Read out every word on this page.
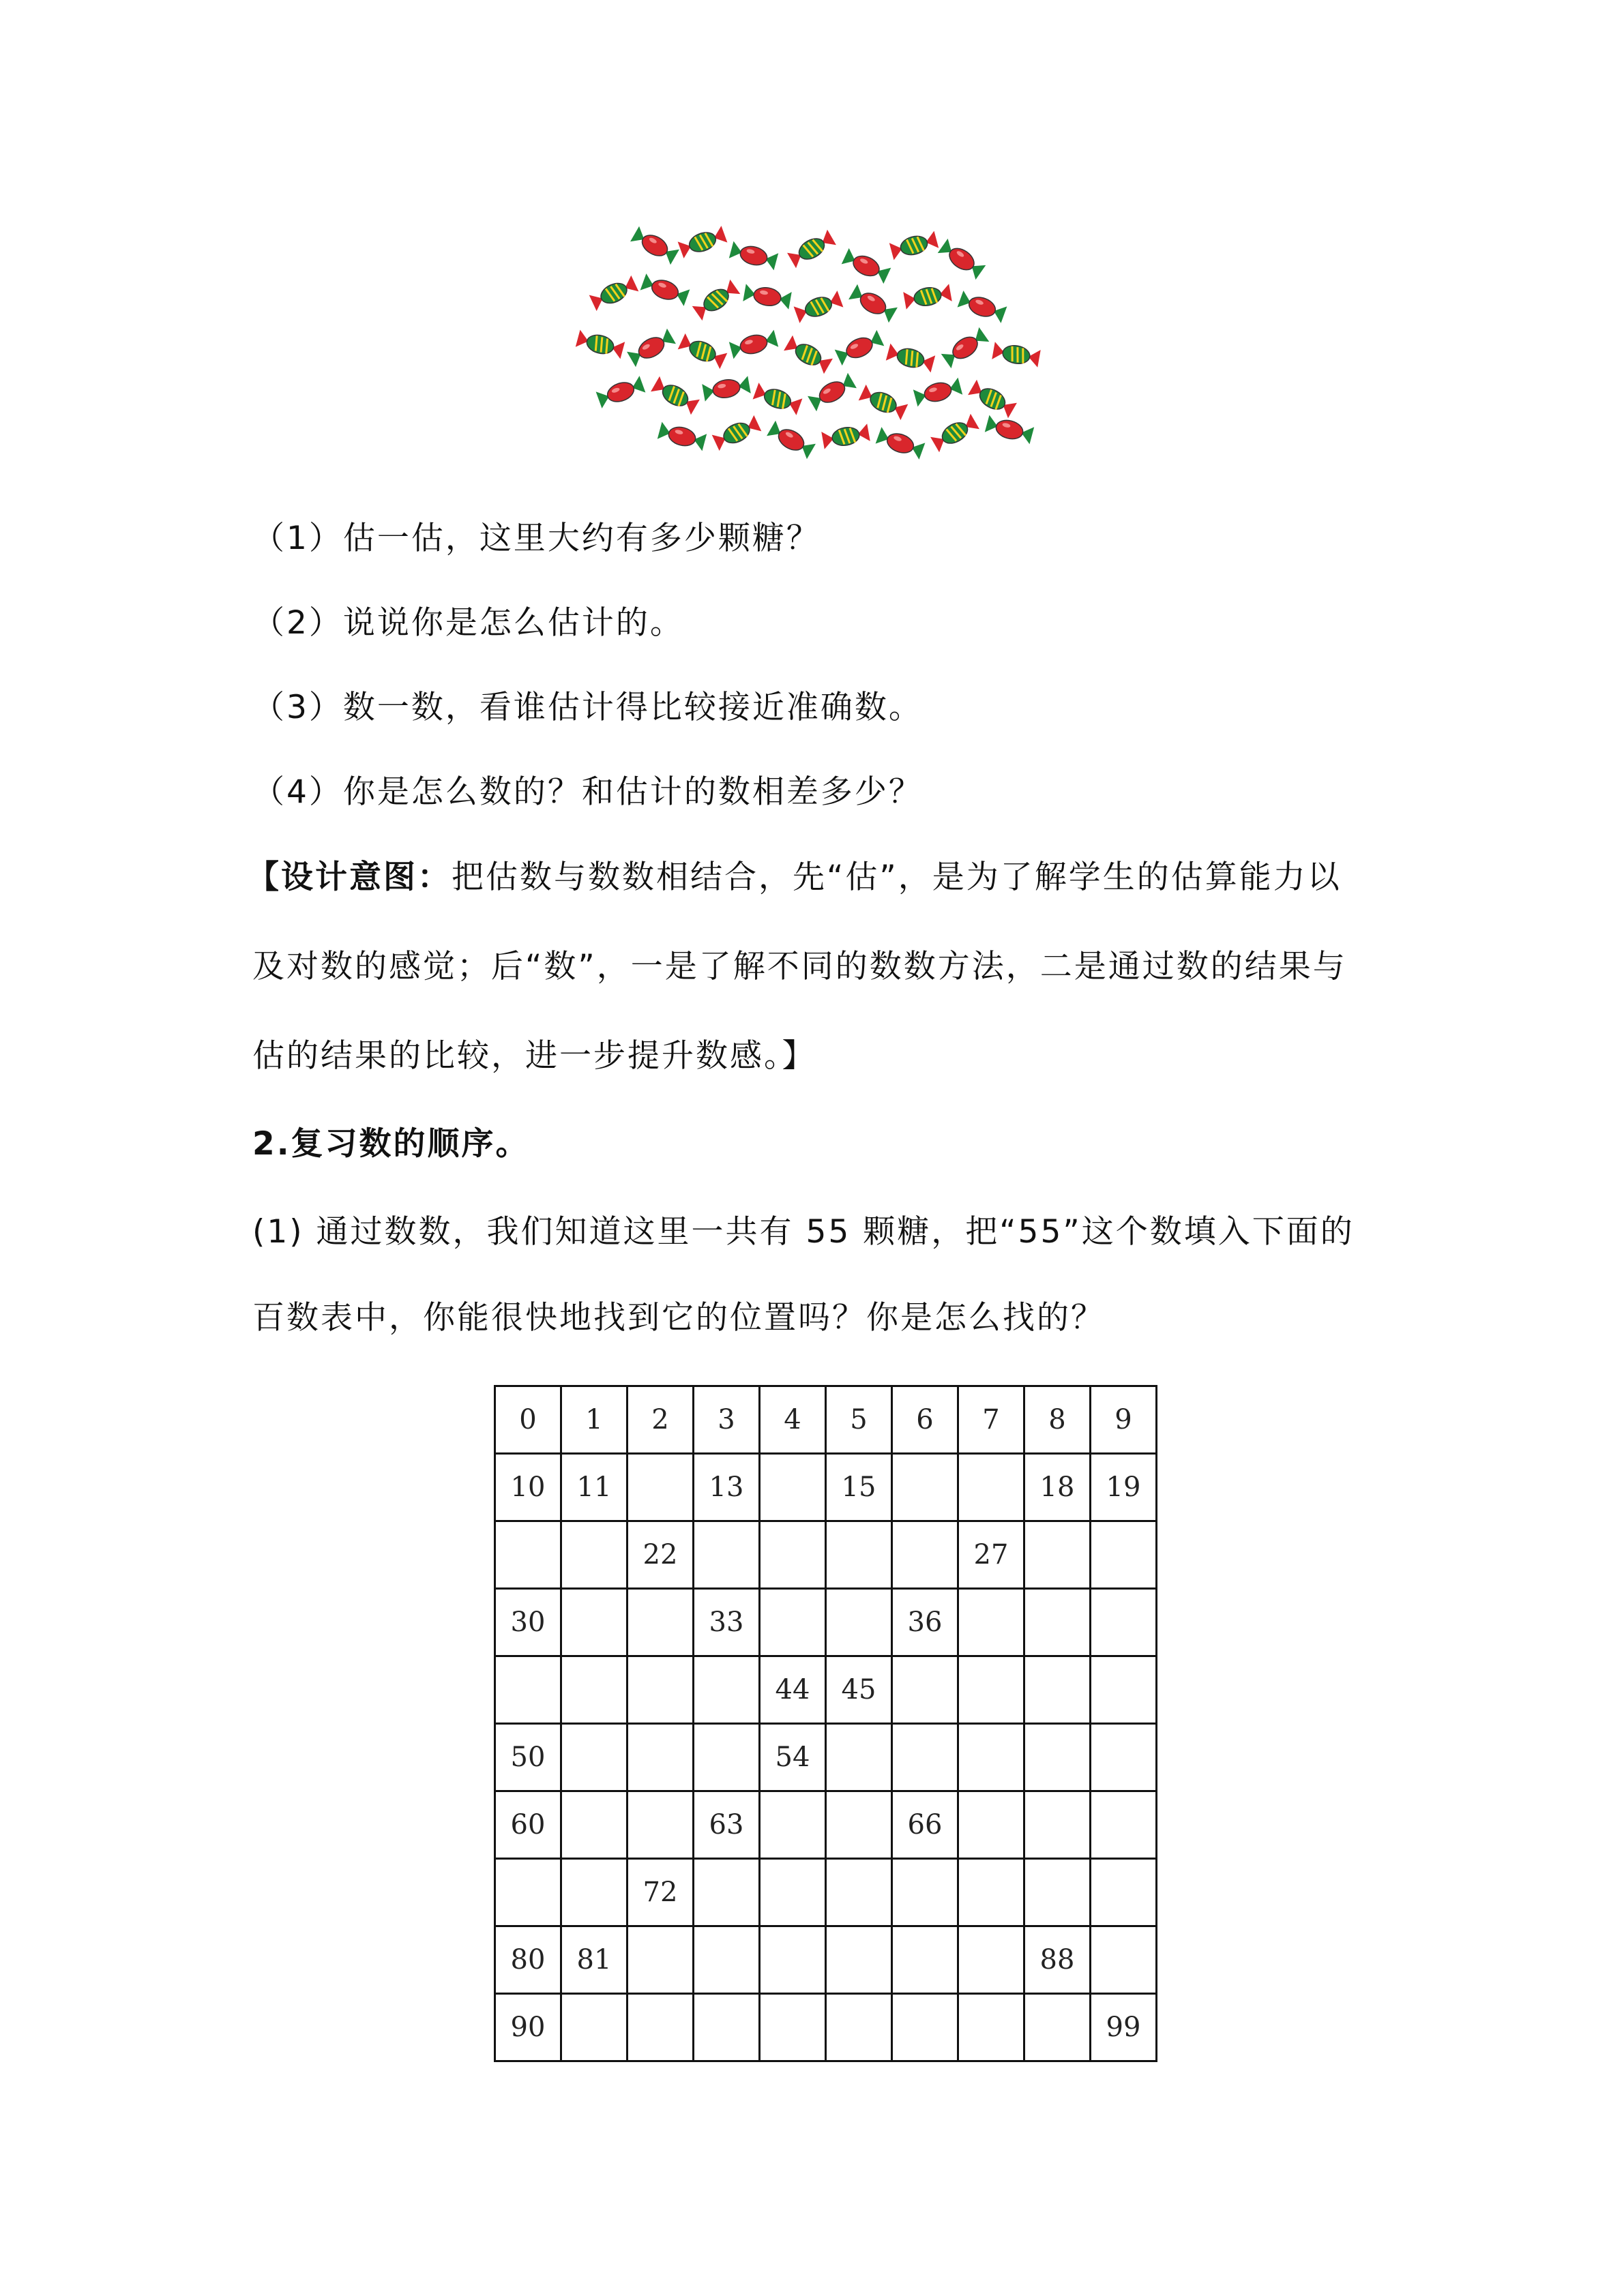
（1）估一估，这里大约有多少颗糖？
（2）说说你是怎么估计的。
（3）数一数，看谁估计得比较接近准确数。
（4）你是怎么数的？和估计的数相差多少？
【设计意图：把估数与数数相结合，先“估”，是为了解学生的估算能力以
及对数的感觉；后“数”，一是了解不同的数数方法，二是通过数的结果与
估的结果的比较，进一步提升数感。】
2.复习数的顺序。
(1) 通过数数，我们知道这里一共有 55 颗糖，把“55”这个数填入下面的
百数表中，你能很快地找到它的位置吗？你是怎么找的？
0	1	2	3	4	5	6	7	8	9
10	11		13		15			18	19
		22					27		
30			33			36			
				44	45				
50				54					
60			63			66			
		72							
80	81							88	
90									99
